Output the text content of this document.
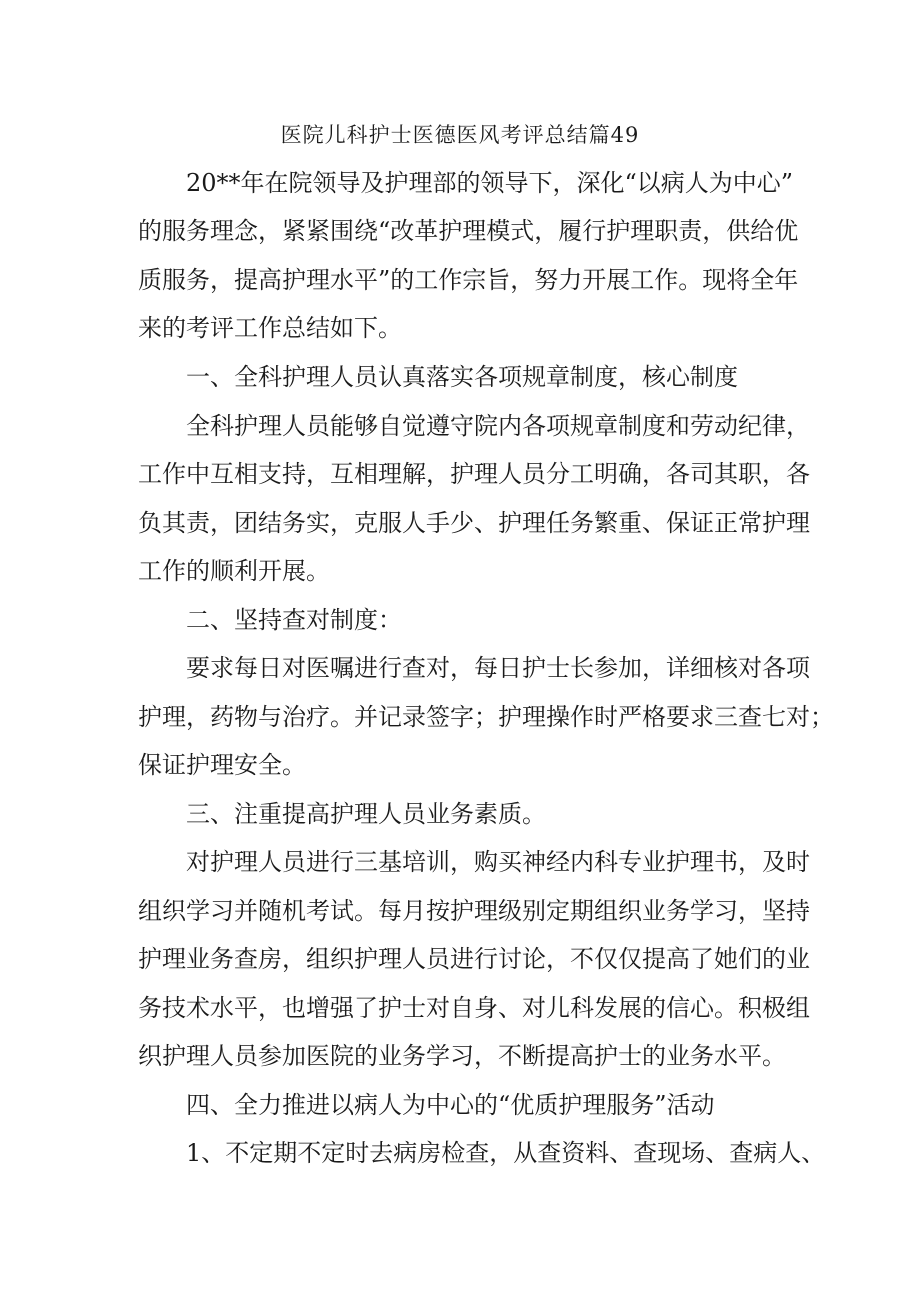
医院儿科护士医德医风考评总结篇49
20**年在院领导及护理部的领导下，深化“以病人为中心”
的服务理念，紧紧围绕“改革护理模式，履行护理职责，供给优
质服务，提高护理水平”的工作宗旨，努力开展工作。现将全年
来的考评工作总结如下。
一、全科护理人员认真落实各项规章制度，核心制度
全科护理人员能够自觉遵守院内各项规章制度和劳动纪律，
工作中互相支持，互相理解，护理人员分工明确，各司其职，各
负其责，团结务实，克服人手少、护理任务繁重、保证正常护理
工作的顺利开展。
二、坚持查对制度：
要求每日对医嘱进行查对，每日护士长参加，详细核对各项
护理，药物与治疗。并记录签字；护理操作时严格要求三查七对；
保证护理安全。
三、注重提高护理人员业务素质。
对护理人员进行三基培训，购买神经内科专业护理书，及时
组织学习并随机考试。每月按护理级别定期组织业务学习，坚持
护理业务查房，组织护理人员进行讨论，不仅仅提高了她们的业
务技术水平，也增强了护士对自身、对儿科发展的信心。积极组
织护理人员参加医院的业务学习，不断提高护士的业务水平。
四、全力推进以病人为中心的“优质护理服务”活动
1、不定期不定时去病房检查，从查资料、查现场、查病人、
